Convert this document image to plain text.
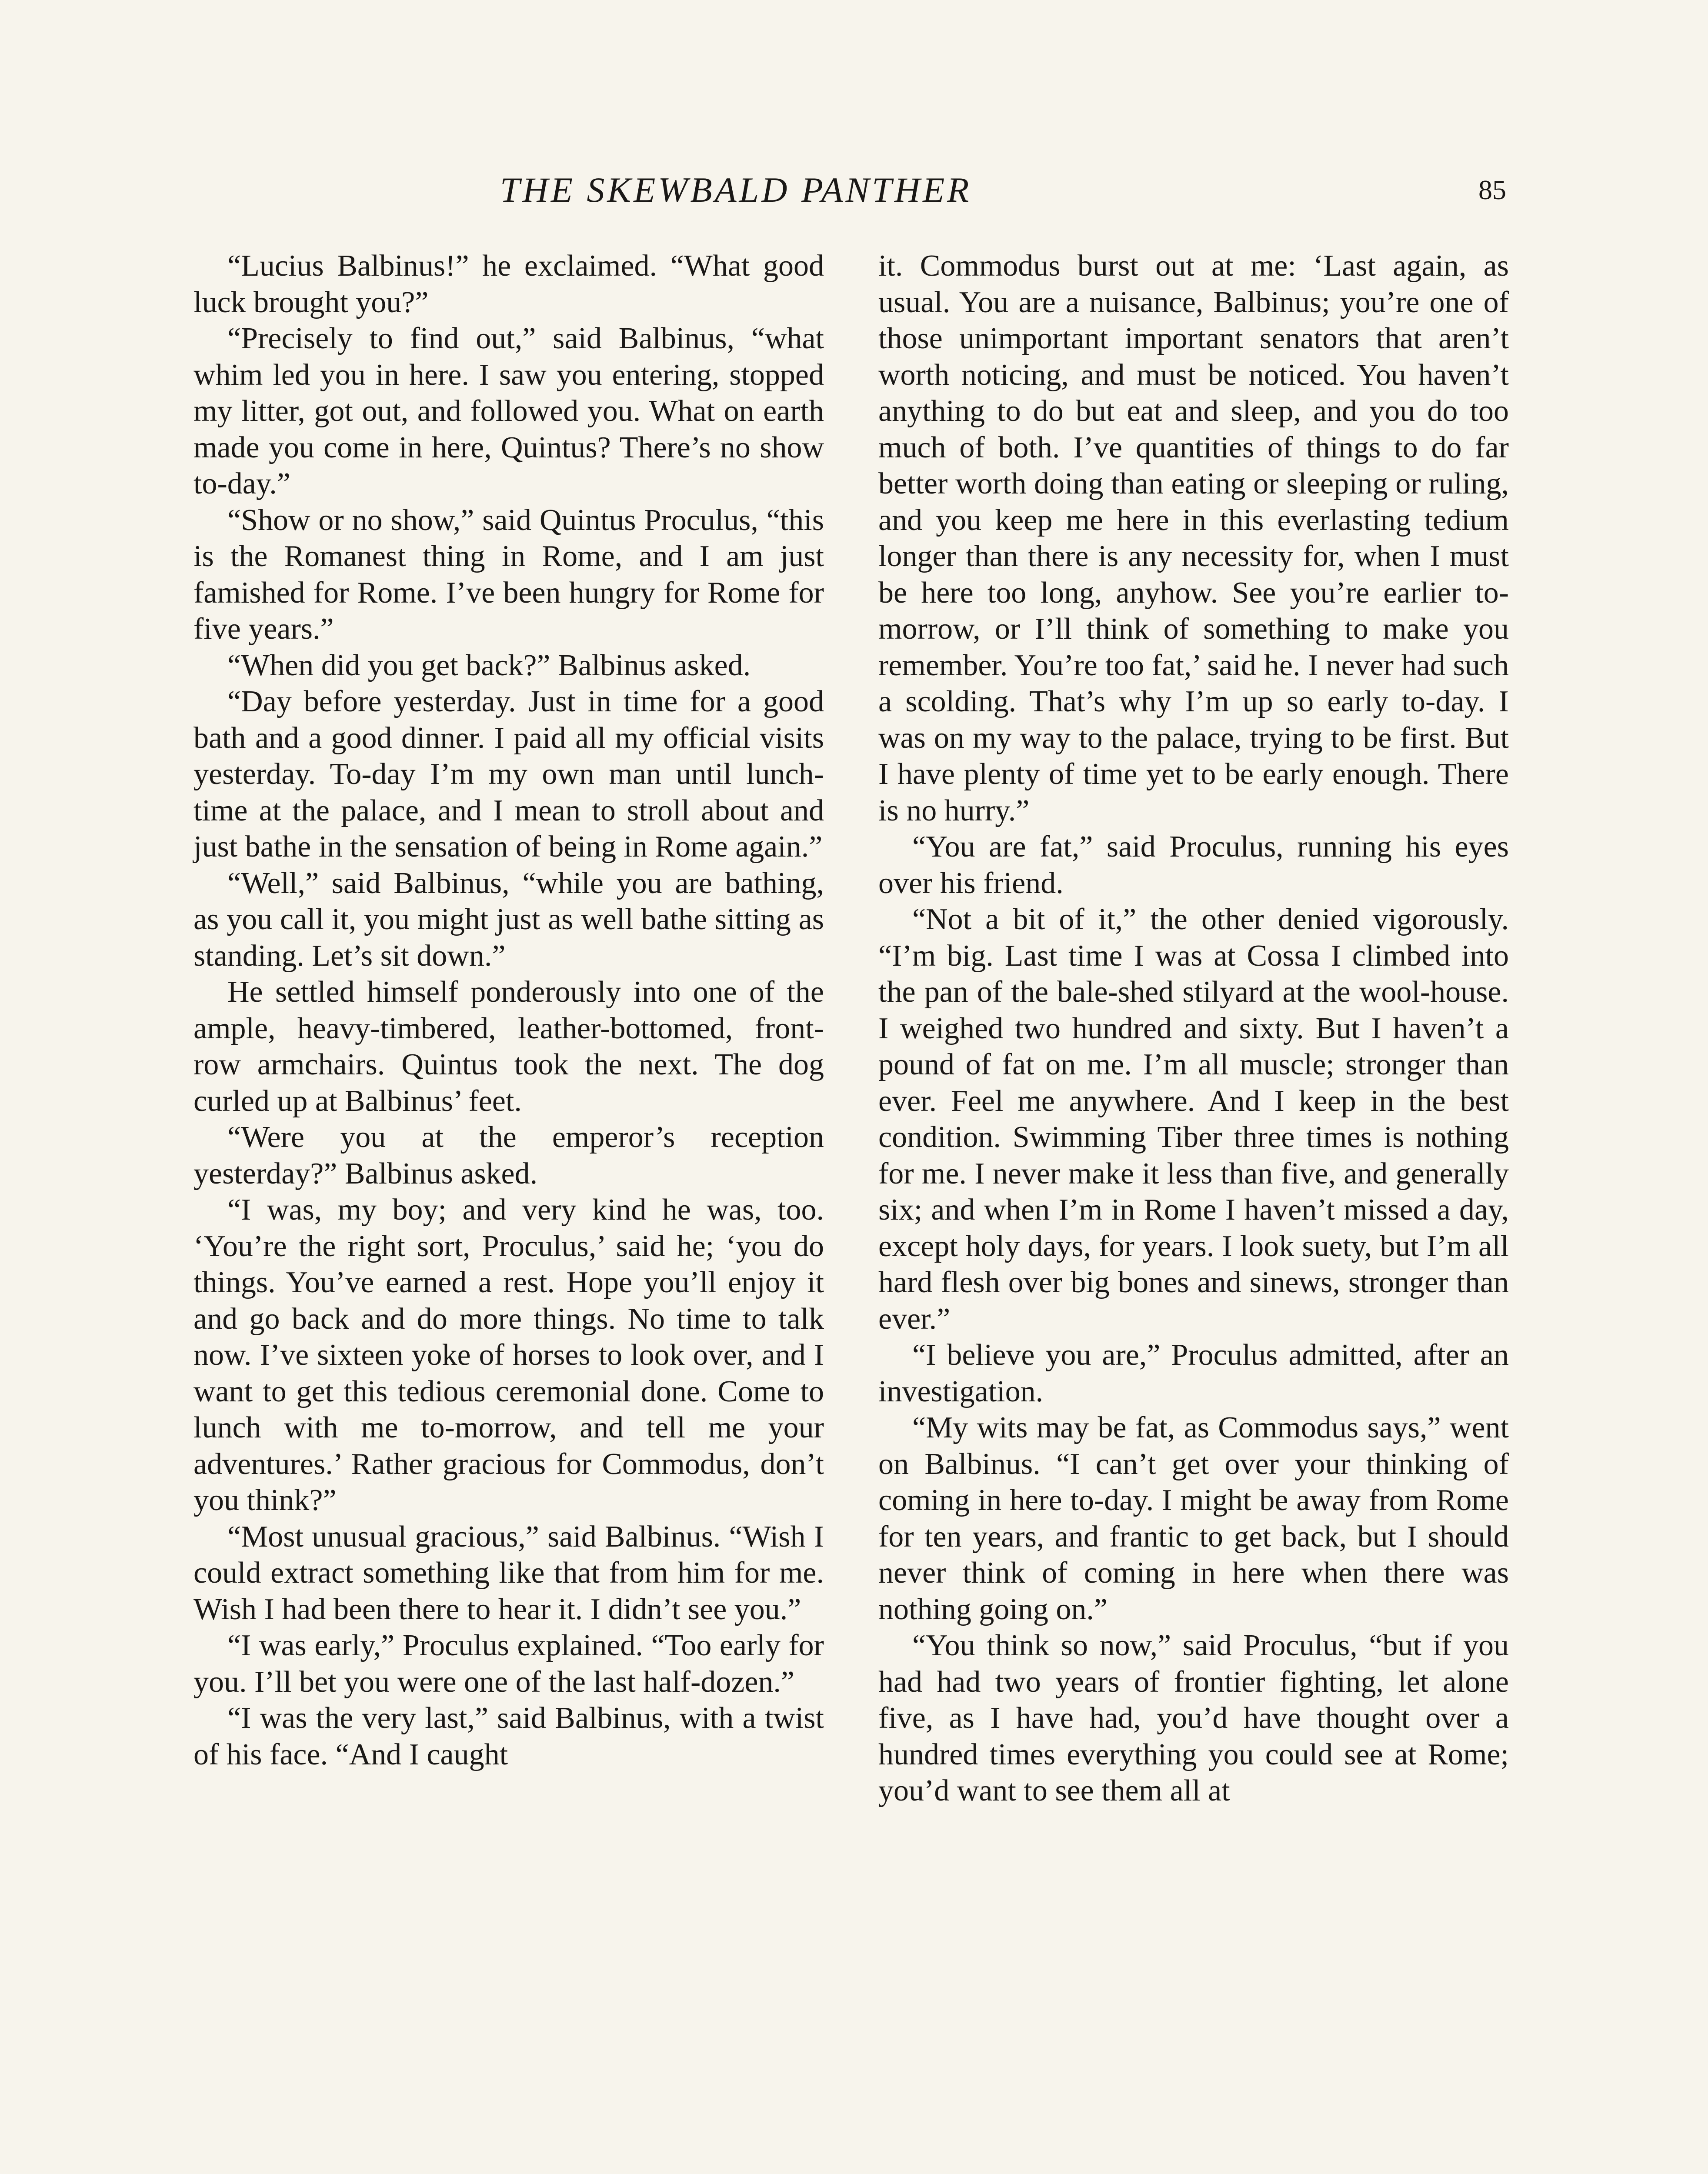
THE SKEWBALD PANTHER	85

“Lucius Balbinus!” he exclaimed. “What good luck brought you?”

“Precisely to find out,” said Balbinus, “what whim led you in here. I saw you entering, stopped my litter, got out, and followed you. What on earth made you come in here, Quintus? There’s no show to-day.”

“Show or no show,” said Quintus Proculus, “this is the Romanest thing in Rome, and I am just famished for Rome. I’ve been hungry for Rome for five years.”

“When did you get back?” Balbinus asked.

“Day before yesterday. Just in time for a good bath and a good dinner. I paid all my official visits yesterday. To-day I’m my own man until lunch-time at the palace, and I mean to stroll about and just bathe in the sensation of being in Rome again.”

“Well,” said Balbinus, “while you are bathing, as you call it, you might just as well bathe sitting as standing. Let’s sit down.”

He settled himself ponderously into one of the ample, heavy-timbered, leather-bottomed, front-row armchairs. Quintus took the next. The dog curled up at Balbinus’ feet.

“Were you at the emperor’s reception yesterday?” Balbinus asked.

“I was, my boy; and very kind he was, too. ‘You’re the right sort, Proculus,’ said he; ‘you do things. You’ve earned a rest. Hope you’ll enjoy it and go back and do more things. No time to talk now. I’ve sixteen yoke of horses to look over, and I want to get this tedious ceremonial done. Come to lunch with me to-morrow, and tell me your adventures.’ Rather gracious for Commodus, don’t you think?”

“Most unusual gracious,” said Balbinus. “Wish I could extract something like that from him for me. Wish I had been there to hear it. I didn’t see you.”

“I was early,” Proculus explained. “Too early for you. I’ll bet you were one of the last half-dozen.”

“I was the very last,” said Balbinus, with a twist of his face. “And I caught

it. Commodus burst out at me: ‘Last again, as usual. You are a nuisance, Balbinus; you’re one of those unimportant important senators that aren’t worth noticing, and must be noticed. You haven’t anything to do but eat and sleep, and you do too much of both. I’ve quantities of things to do far better worth doing than eating or sleeping or ruling, and you keep me here in this everlasting tedium longer than there is any necessity for, when I must be here too long, anyhow. See you’re earlier to-morrow, or I’ll think of something to make you remember. You’re too fat,’ said he. I never had such a scolding. That’s why I’m up so early to-day. I was on my way to the palace, trying to be first. But I have plenty of time yet to be early enough. There is no hurry.”

“You are fat,” said Proculus, running his eyes over his friend.

“Not a bit of it,” the other denied vigorously. “I’m big. Last time I was at Cossa I climbed into the pan of the bale-shed stilyard at the wool-house. I weighed two hundred and sixty. But I haven’t a pound of fat on me. I’m all muscle; stronger than ever. Feel me anywhere. And I keep in the best condition. Swimming Tiber three times is nothing for me. I never make it less than five, and generally six; and when I’m in Rome I haven’t missed a day, except holy days, for years. I look suety, but I’m all hard flesh over big bones and sinews, stronger than ever.”

“I believe you are,” Proculus admitted, after an investigation.

“My wits may be fat, as Commodus says,” went on Balbinus. “I can’t get over your thinking of coming in here to-day. I might be away from Rome for ten years, and frantic to get back, but I should never think of coming in here when there was nothing going on.”

“You think so now,” said Proculus, “but if you had had two years of frontier fighting, let alone five, as I have had, you’d have thought over a hundred times everything you could see at Rome; you’d want to see them all at
